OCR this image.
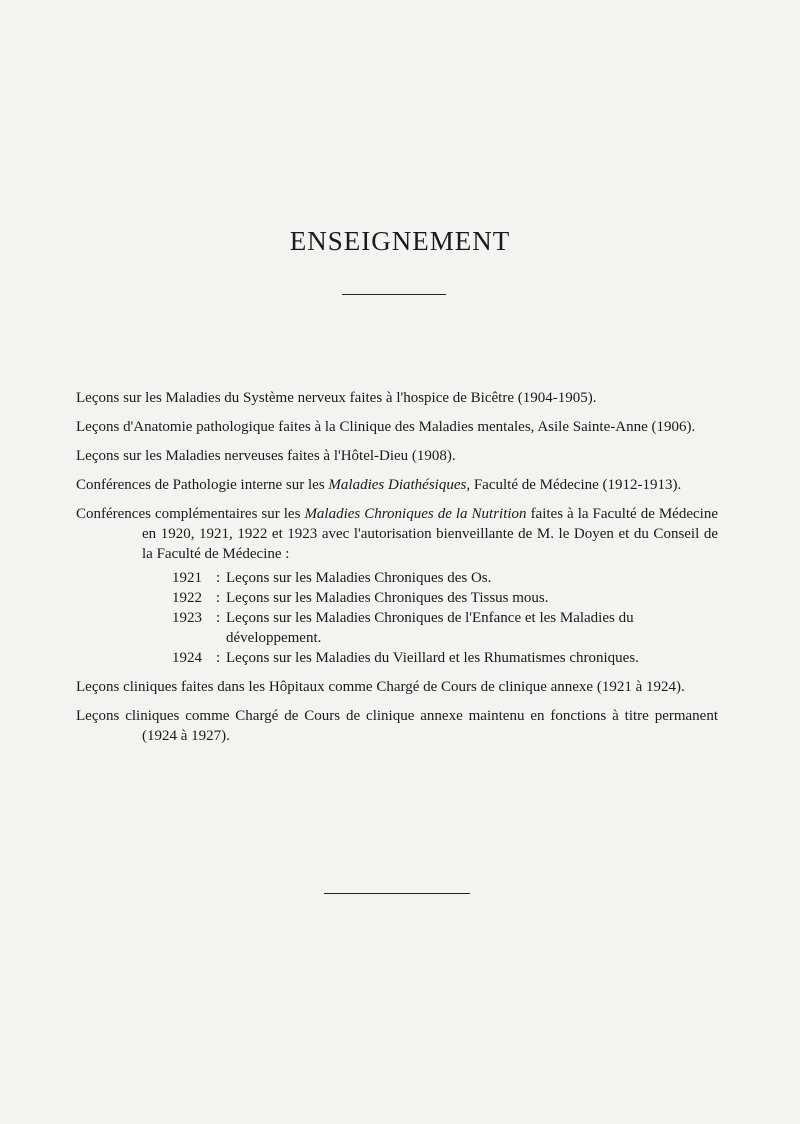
ENSEIGNEMENT

Leçons sur les Maladies du Système nerveux faites à l'hospice de Bicêtre (1904-1905).

Leçons d'Anatomie pathologique faites à la Clinique des Maladies mentales, Asile Sainte-Anne (1906).

Leçons sur les Maladies nerveuses faites à l'Hôtel-Dieu (1908).

Conférences de Pathologie interne sur les Maladies Diathésiques, Faculté de Médecine (1912-1913).

Conférences complémentaires sur les Maladies Chroniques de la Nutrition faites à la Faculté de Médecine en 1920, 1921, 1922 et 1923 avec l'autorisation bienveillante de M. le Doyen et du Conseil de la Faculté de Médecine :

1921 : Leçons sur les Maladies Chroniques des Os.
1922 : Leçons sur les Maladies Chroniques des Tissus mous.
1923 : Leçons sur les Maladies Chroniques de l'Enfance et les Maladies du développement.
1924 : Leçons sur les Maladies du Vieillard et les Rhumatismes chroniques.

Leçons cliniques faites dans les Hôpitaux comme Chargé de Cours de clinique annexe (1921 à 1924).

Leçons cliniques comme Chargé de Cours de clinique annexe maintenu en fonctions à titre permanent (1924 à 1927).
